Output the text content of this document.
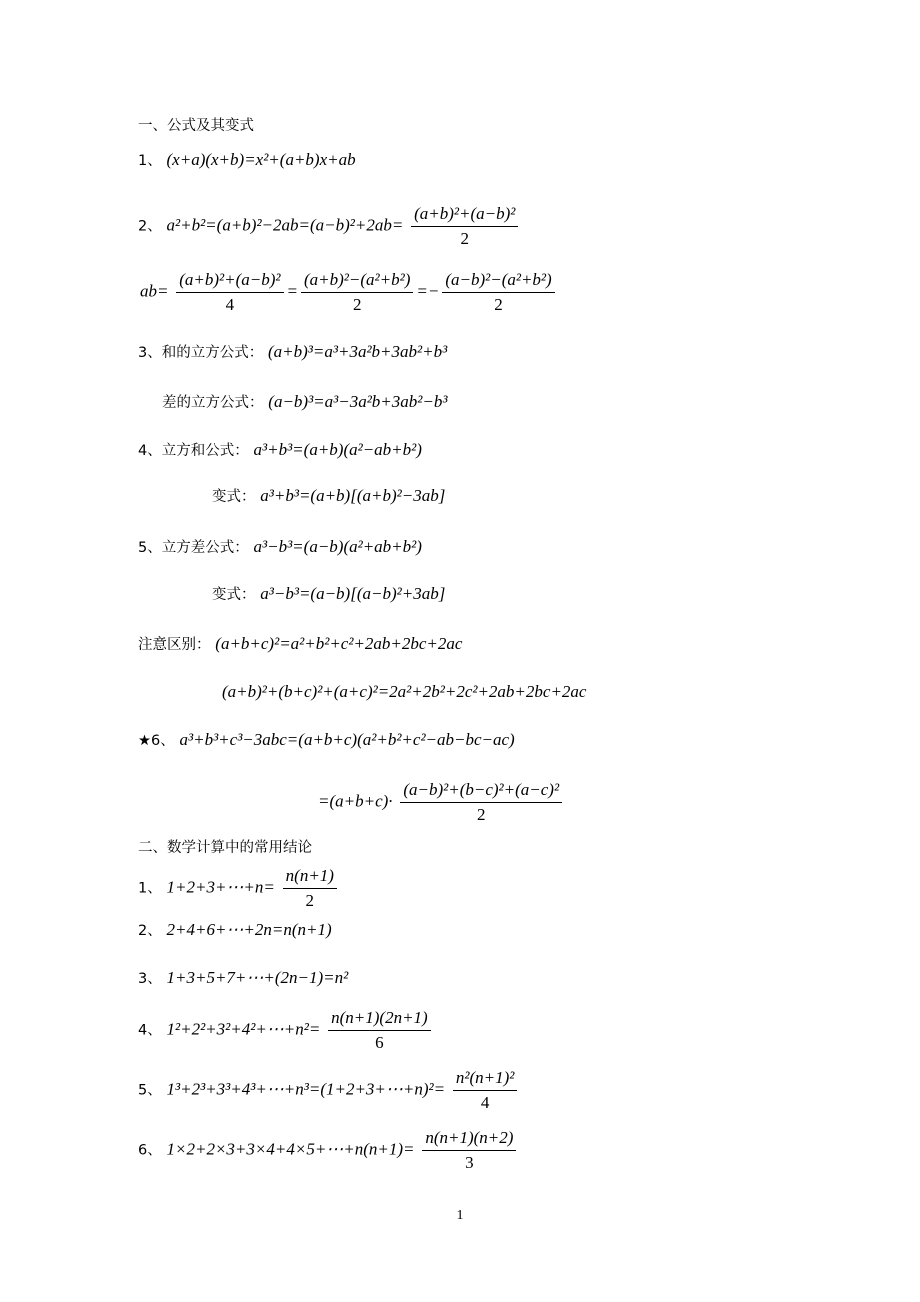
一、公式及其变式
1、 (x+a)(x+b)=x²+(a+b)x+ab
2、 $a^2+b^2=(a+b)^2-2ab=(a-b)^2+2ab= \frac{\text{(a+b)²+(a−b)²}}{2}$
$ab= \frac{\text{(a+b)²+(a−b)²}}{4} = \frac{\text{(a+b)²−(a²+b²)}}{2} =- \frac{\text{(a−b)²−(a²+b²)}}{2}$
3、和的立方公式： (a+b)³=a³+3a²b+3ab²+b³
差的立方公式： (a−b)³=a³−3a²b+3ab²−b³
4、立方和公式： a³+b³=(a+b)(a²−ab+b²)
变式： a³+b³=(a+b)[(a+b)²−3ab]
5、立方差公式： a³−b³=(a−b)(a²+ab+b²)
变式： a³−b³=(a−b)[(a−b)²+3ab]
注意区别： (a+b+c)²=a²+b²+c²+2ab+2bc+2ac
(a+b)²+(b+c)²+(a+c)²=2a²+2b²+2c²+2ab+2bc+2ac
★6、 a³+b³+c³−3abc=(a+b+c)(a²+b²+c²−ab−bc−ac)
$=(a+b+c)\cdot \frac{\text{(a−b)²+(b−c)²+(a−c)²}}{2}$
二、数学计算中的常用结论
1、 1+2+3+⋯+n= $\frac{n(n+1)}{2}$
2、 2+4+6+⋯+2n=n(n+1)
3、 1+3+5+7+⋯+(2n−1)=n²
4、 1²+2²+3²+4²+⋯+n²= $\frac{n(n+1)(2n+1)}{6}$
5、 1³+2³+3³+4³+⋯+n³=(1+2+3+⋯+n)²= $\frac{\text{n²(n+1)²}}{4}$
6、 1×2+2×3+3×4+4×5+⋯+n(n+1)= $\frac{n(n+1)(n+2)}{3}$
1
